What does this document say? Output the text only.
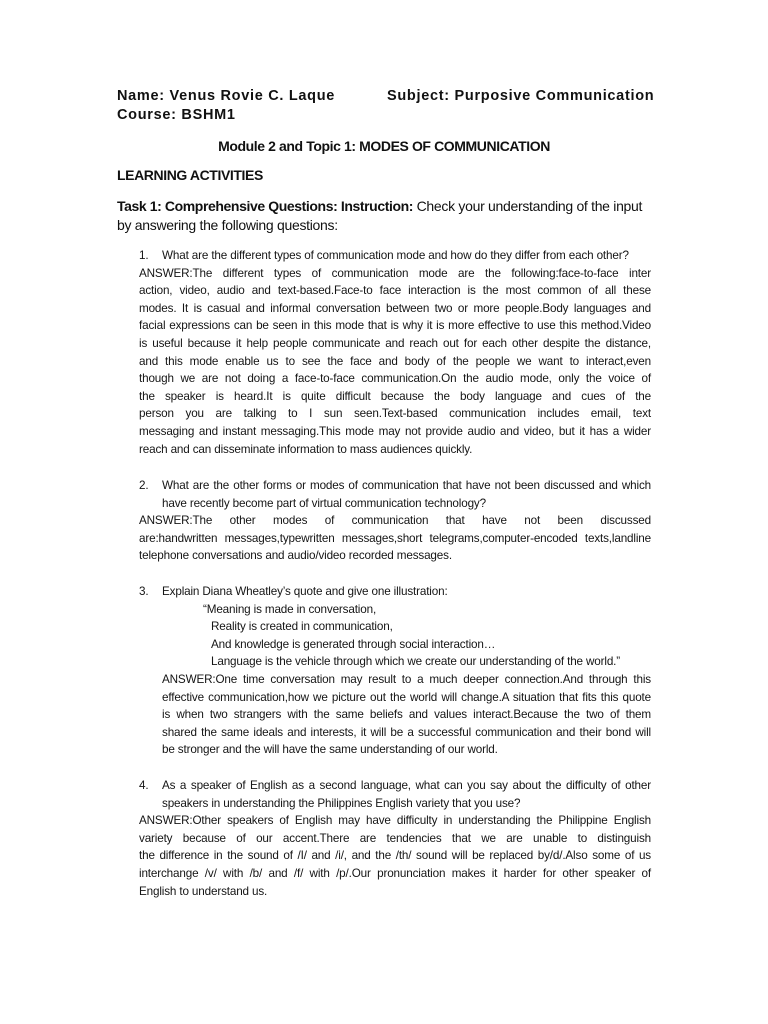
Name: Venus Rovie C. Laque	Subject: Purposive Communication
Course: BSHM1
Module 2 and Topic 1: MODES OF COMMUNICATION
LEARNING ACTIVITIES
Task 1: Comprehensive Questions: Instruction: Check your understanding of the input by answering the following questions:
1. What are the different types of communication mode and how do they differ from each other?
ANSWER:The different types of communication mode are the following:face-to-face inter
action, video, audio and text-based.Face-to face interaction is the most common of all these
modes. It is casual and informal conversation between two or more people.Body languages and
facial expressions can be seen in this mode that is why it is more effective to use this method.Video
is useful because it help people communicate and reach out for each other despite the distance,
and this mode enable us to see the face and body of the people we want to interact,even
though we are not doing a face-to-face communication.On the audio mode, only the voice of
the speaker is heard.It is quite difficult because the body language and cues of the
person you are talking to I sun seen.Text-based communication includes email, text
messaging and instant messaging.This mode may not provide audio and video, but it has a wider
reach and can disseminate information to mass audiences quickly.
2. What are the other forms or modes of communication that have not been discussed and which
have recently become part of virtual communication technology?
ANSWER:The other modes of communication that have not been discussed
are:handwritten messages,typewritten messages,short telegrams,computer-encoded texts,landline
telephone conversations and audio/video recorded messages.
3. Explain Diana Wheatley’s quote and give one illustration:
“Meaning is made in conversation,
Reality is created in communication,
And knowledge is generated through social interaction…
Language is the vehicle through which we create our understanding of the world.”
ANSWER:One time conversation may result to a much deeper connection.And through this
effective communication,how we picture out the world will change.A situation that fits this quote
is when two strangers with the same beliefs and values interact.Because the two of them
shared the same ideals and interests, it will be a successful communication and their bond will
be stronger and the will have the same understanding of our world.
4. As a speaker of English as a second language, what can you say about the difficulty of other
speakers in understanding the Philippines English variety that you use?
ANSWER:Other speakers of English may have difficulty in understanding the Philippine English
variety because of our accent.There are tendencies that we are unable to distinguish
the difference in the sound of /I/ and /i/, and the /th/ sound will be replaced by/d/.Also some of us
interchange /v/ with /b/ and /f/ with /p/.Our pronunciation makes it harder for other speaker of
English to understand us.
